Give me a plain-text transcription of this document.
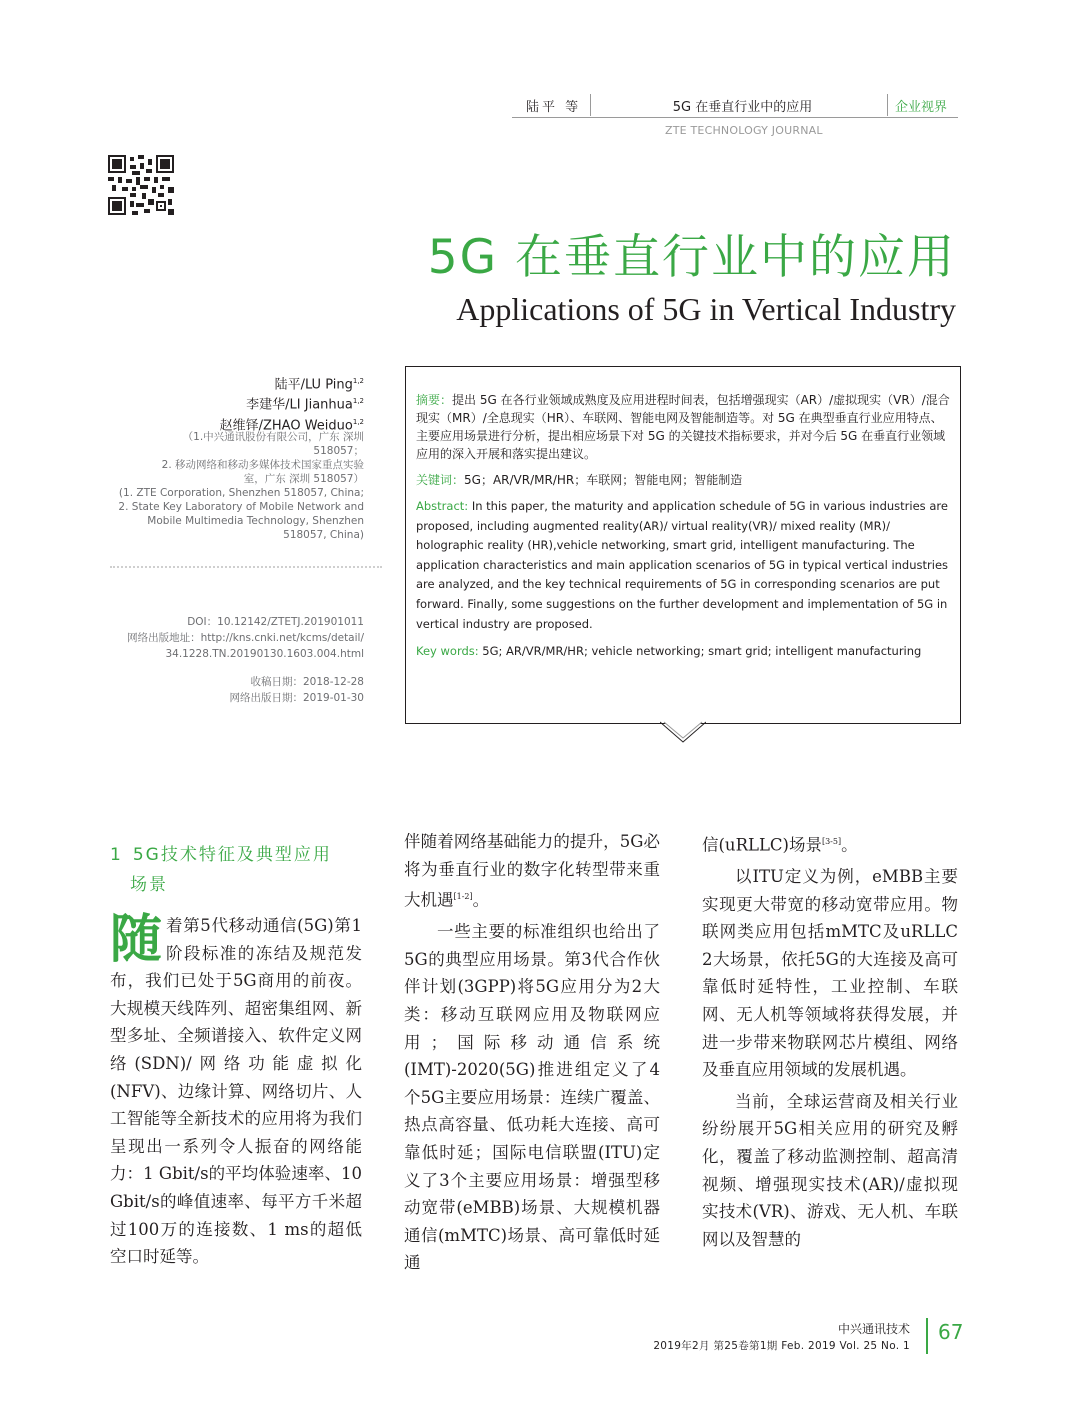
陆平 等	5G 在垂直行业中的应用	企业视界
ZTE TECHNOLOGY JOURNAL
5G 在垂直行业中的应用
Applications of 5G in Vertical Industry
陆平/LU Ping$^{1,2}$
李建华/LI Jianhua$^{1,2}$
赵维铎/ZHAO Weiduo$^{1,2}$
（1.中兴通讯股份有限公司，广东 深圳
518057；
2. 移动网络和移动多媒体技术国家重点实验
室，广东 深圳 518057）
(1. ZTE Corporation, Shenzhen 518057, China;
2. State Key Laboratory of Mobile Network and
Mobile Multimedia Technology, Shenzhen
518057, China)
DOI：10.12142/ZTETJ.201901011
网络出版地址：http://kns.cnki.net/kcms/detail/
34.1228.TN.20190130.1603.004.html
收稿日期：2018-12-28
网络出版日期：2019-01-30
摘要：提出 5G 在各行业领域成熟度及应用进程时间表，包括增强现实（AR）/虚拟现实（VR）/混合现实（MR）/全息现实（HR）、车联网、智能电网及智能制造等。对 5G 在典型垂直行业应用特点、主要应用场景进行分析，提出相应场景下对 5G 的关键技术指标要求，并对今后 5G 在垂直行业领域应用的深入开展和落实提出建议。
关键词：5G；AR/VR/MR/HR；车联网；智能电网；智能制造
Abstract: In this paper, the maturity and application schedule of 5G in various industries are proposed, including augmented reality(AR)/ virtual reality(VR)/ mixed reality (MR)/ holographic reality (HR),vehicle networking, smart grid, intelligent manufacturing. The application characteristics and main application scenarios of 5G in typical vertical industries are analyzed, and the key technical requirements of 5G in corresponding scenarios are put forward. Finally, some suggestions on the further development and implementation of 5G in vertical industry are proposed.
Key words: 5G; AR/VR/MR/HR; vehicle networking; smart grid; intelligent manufacturing
1 5G技术特征及典型应用
场景

随着第5代移动通信(5G)第1阶段标准的冻结及规范发布，我们已处于5G商用的前夜。大规模天线阵列、超密集组网、新型多址、全频谱接入、软件定义网络(SDN)/网络功能虚拟化(NFV)、边缘计算、网络切片、人工智能等全新技术的应用将为我们呈现出一系列令人振奋的网络能力：1 Gbit/s的平均体验速率、10 Gbit/s的峰值速率、每平方千米超过100万的连接数、1 ms的超低空口时延等。

伴随着网络基础能力的提升，5G必将为垂直行业的数字化转型带来重大机遇[1-2]。

一些主要的标准组织也给出了5G的典型应用场景。第3代合作伙伴计划(3GPP)将5G应用分为2大类：移动互联网应用及物联网应用；国际移动通信系统(IMT)-2020(5G)推进组定义了4个5G主要应用场景：连续广覆盖、热点高容量、低功耗大连接、高可靠低时延；国际电信联盟(ITU)定义了3个主要应用场景：增强型移动宽带(eMBB)场景、大规模机器通信(mMTC)场景、高可靠低时延通

信(uRLLC)场景[3-5]。

以ITU定义为例，eMBB主要实现更大带宽的移动宽带应用。物联网类应用包括mMTC及uRLLC 2大场景，依托5G的大连接及高可靠低时延特性，工业控制、车联网、无人机等领域将获得发展，并进一步带来物联网芯片模组、网络及垂直应用领域的发展机遇。

当前，全球运营商及相关行业纷纷展开5G相关应用的研究及孵化，覆盖了移动监测控制、超高清视频、增强现实技术(AR)/虚拟现实技术(VR)、游戏、无人机、车联网以及智慧的

中兴通讯技术
2019年2月 第25卷第1期 Feb. 2019 Vol. 25 No. 1
67
